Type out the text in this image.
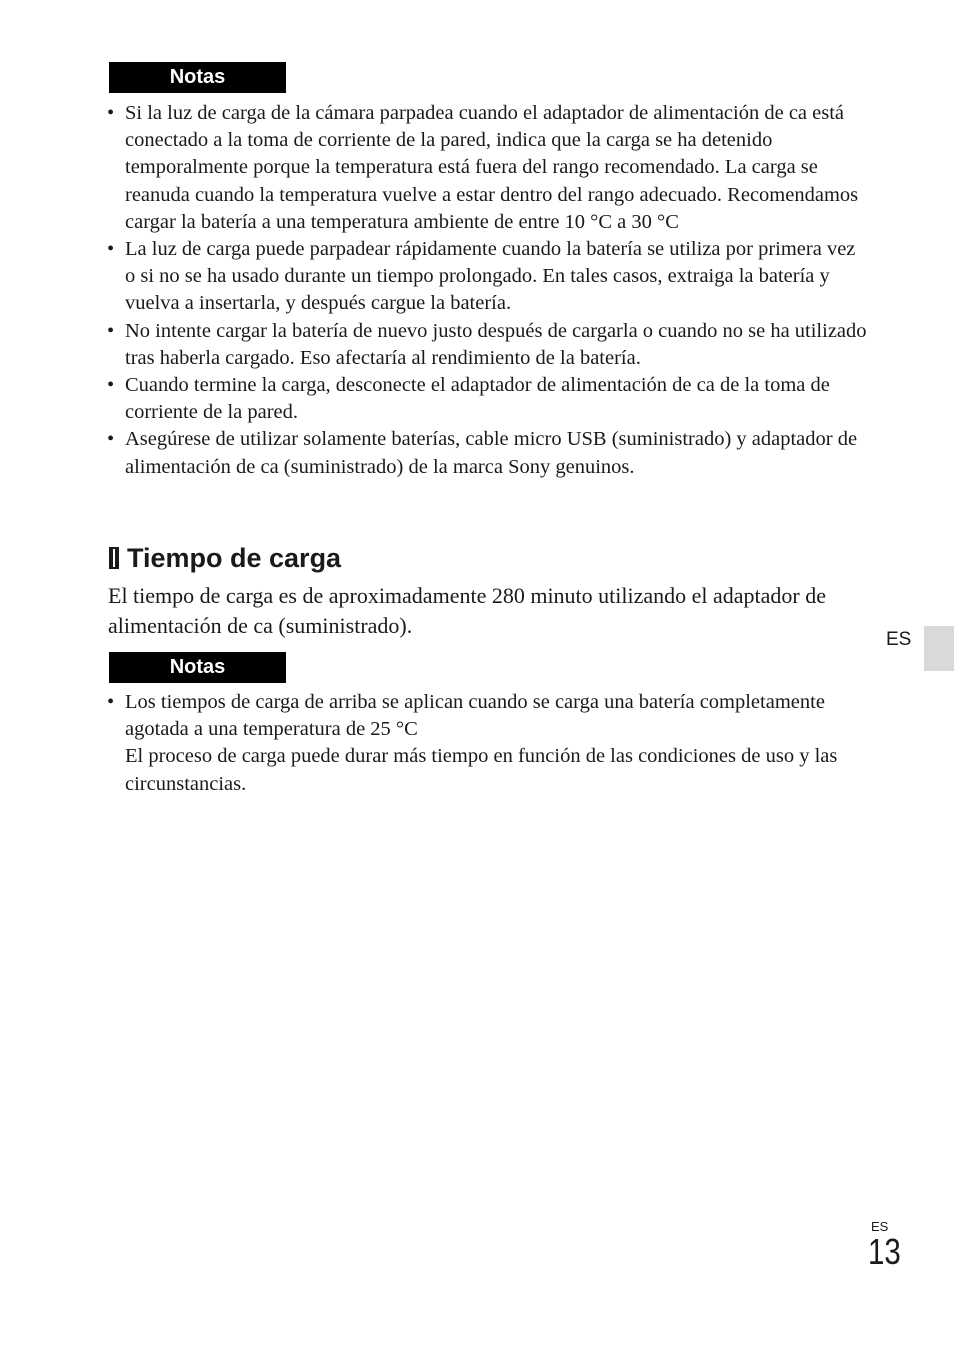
Notas
• Si la luz de carga de la cámara parpadea cuando el adaptador de alimentación de ca está conectado a la toma de corriente de la pared, indica que la carga se ha detenido temporalmente porque la temperatura está fuera del rango recomendado. La carga se reanuda cuando la temperatura vuelve a estar dentro del rango adecuado. Recomendamos cargar la batería a una temperatura ambiente de entre 10 °C a 30 °C
• La luz de carga puede parpadear rápidamente cuando la batería se utiliza por primera vez o si no se ha usado durante un tiempo prolongado. En tales casos, extraiga la batería y vuelva a insertarla, y después cargue la batería.
• No intente cargar la batería de nuevo justo después de cargarla o cuando no se ha utilizado tras haberla cargado. Eso afectaría al rendimiento de la batería.
• Cuando termine la carga, desconecte el adaptador de alimentación de ca de la toma de corriente de la pared.
• Asegúrese de utilizar solamente baterías, cable micro USB (suministrado) y adaptador de alimentación de ca (suministrado) de la marca Sony genuinos.
Tiempo de carga

El tiempo de carga es de aproximadamente 280 minuto utilizando el adaptador de alimentación de ca (suministrado).

Notas
• Los tiempos de carga de arriba se aplican cuando se carga una batería completamente agotada a una temperatura de 25 °C
El proceso de carga puede durar más tiempo en función de las condiciones de uso y las circunstancias.
ES
ES
13
